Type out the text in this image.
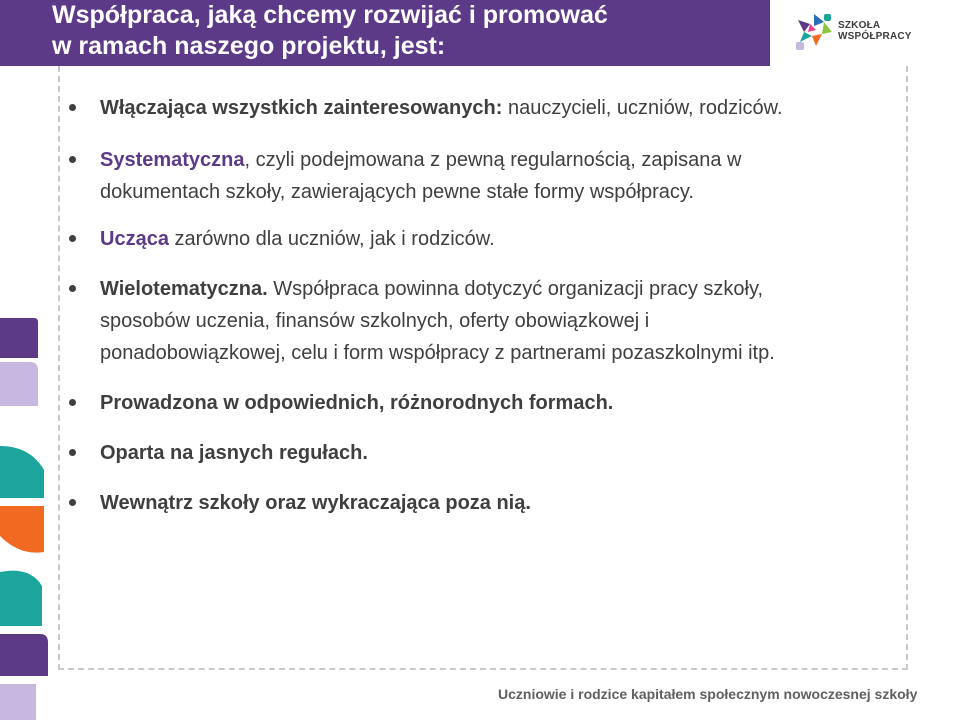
Współpraca, jaką chcemy rozwijać i promować
w ramach naszego projektu, jest:
SZKOŁA
WSPÓŁPRACY
Włączająca wszystkich zainteresowanych: nauczycieli, uczniów, rodziców.
Systematyczna, czyli podejmowana z pewną regularnością, zapisana w dokumentach szkoły, zawierających pewne stałe formy współpracy.
Ucząca zarówno dla uczniów, jak i rodziców.
Wielotematyczna. Współpraca powinna dotyczyć organizacji pracy szkoły, sposobów uczenia, finansów szkolnych, oferty obowiązkowej i ponadobowiązkowej, celu i form współpracy z partnerami pozaszkolnymi itp.
Prowadzona w odpowiednich, różnorodnych formach.
Oparta na jasnych regułach.
Wewnątrz szkoły oraz wykraczająca poza nią.
Uczniowie i rodzice kapitałem społecznym nowoczesnej szkoły
